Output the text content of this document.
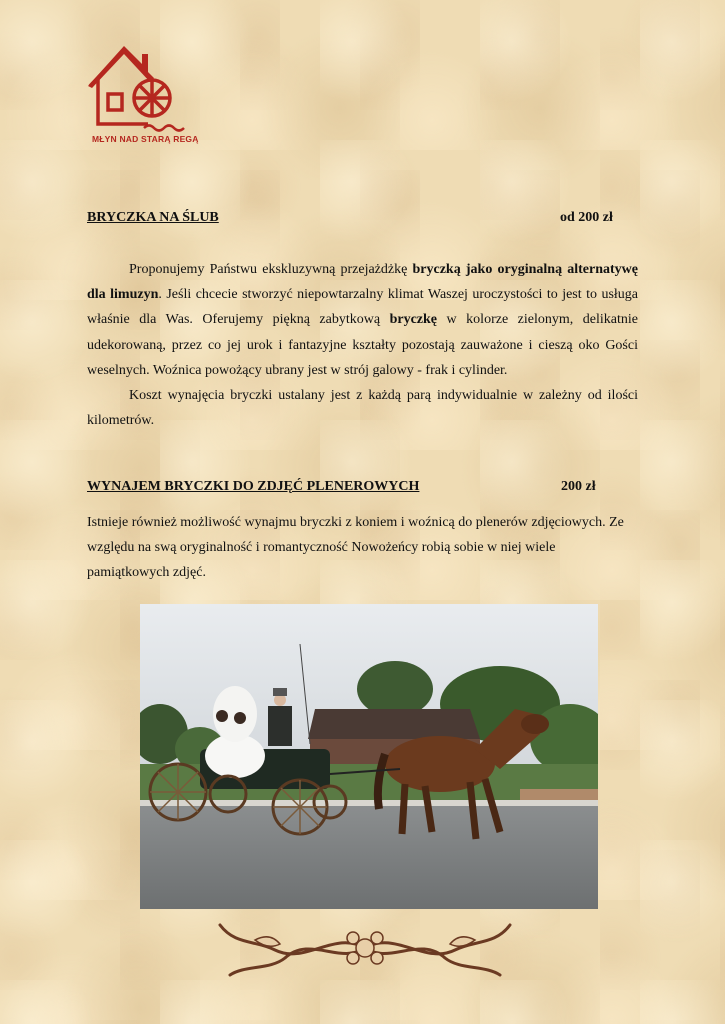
MŁYN NAD STARĄ REGĄ
BRYCZKA NA ŚLUB	od 200 zł

Proponujemy Państwu ekskluzywną przejażdżkę bryczką jako oryginalną alternatywę dla limuzyn. Jeśli chcecie stworzyć niepowtarzalny klimat Waszej uroczystości to jest to usługa właśnie dla Was. Oferujemy piękną zabytkową bryczkę w kolorze zielonym, delikatnie udekorowaną, przez co jej urok i fantazyjne kształty pozostają zauważone i cieszą oko Gości weselnych. Woźnica powożący ubrany jest w strój galowy - frak i cylinder.

Koszt wynajęcia bryczki ustalany jest z każdą parą indywidualnie w zależny od ilości kilometrów.

WYNAJEM BRYCZKI DO ZDJĘĆ PLENEROWYCH	200 zł

Istnieje również możliwość wynajmu bryczki z koniem i woźnicą do plenerów zdjęciowych. Ze względu na swą oryginalność i romantyczność Nowożeńcy robią sobie w niej wiele pamiątkowych zdjęć.
